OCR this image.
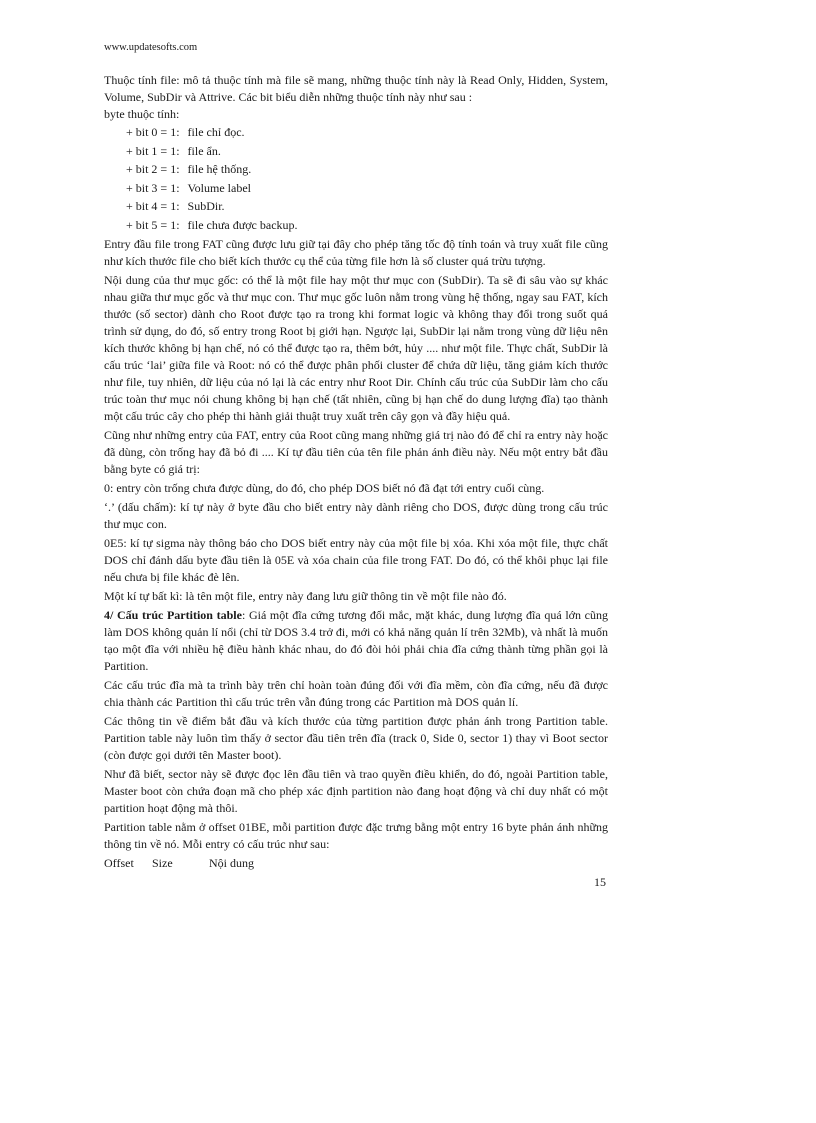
www.updatesofts.com

Thuộc tính file: mô tả thuộc tính mà file sẽ mang, những thuộc tính này là Read Only, Hidden, System, Volume, SubDir và Attrive. Các bit biểu diễn những thuộc tính này như sau :

byte thuộc tính:

+ bit 0 = 1: file chỉ đọc.
+ bit 1 = 1: file ẩn.
+ bit 2 = 1: file hệ thống.
+ bit 3 = 1: Volume label
+ bit 4 = 1: SubDir.
+ bit 5 = 1: file chưa được backup.

Entry đầu file trong FAT cũng được lưu giữ tại đây cho phép tăng tốc độ tính toán và truy xuất file cũng như kích thước file cho biết kích thước cụ thể của từng file hơn là số cluster quá trừu tượng.

Nội dung của thư mục gốc: có thể là một file hay một thư mục con (SubDir). Ta sẽ đi sâu vào sự khác nhau giữa thư mục gốc và thư mục con. Thư mục gốc luôn nằm trong vùng hệ thống, ngay sau FAT, kích thước (số sector) dành cho Root được tạo ra trong khi format logic và không thay đổi trong suốt quá trình sử dụng, do đó, số entry trong Root bị giới hạn. Ngược lại, SubDir lại nằm trong vùng dữ liệu nên kích thước không bị hạn chế, nó có thể được tạo ra, thêm bớt, hủy .... như một file. Thực chất, SubDir là cấu trúc ‘lai’ giữa file và Root: nó có thể được phân phối cluster để chứa dữ liệu, tăng giảm kích thước như file, tuy nhiên, dữ liệu của nó lại là các entry như Root Dir. Chính cấu trúc của SubDir làm cho cấu trúc toàn thư mục nói chung không bị hạn chế (tất nhiên, cũng bị hạn chế do dung lượng đĩa) tạo thành một cấu trúc cây cho phép thi hành giải thuật truy xuất trên cây gọn và đầy hiệu quả.

Cũng như những entry của FAT, entry của Root cũng mang những giá trị nào đó để chỉ ra entry này hoặc đã dùng, còn trống hay đã bỏ đi .... Kí tự đầu tiên của tên file phản ánh điều này. Nếu một entry bắt đầu bằng byte có giá trị:

0: entry còn trống chưa được dùng, do đó, cho phép DOS biết nó đã đạt tới entry cuối cùng.

‘.’ (dấu chấm): kí tự này ở byte đầu cho biết entry này dành riêng cho DOS, được dùng trong cấu trúc thư mục con.

0E5: kí tự sigma này thông báo cho DOS biết entry này của một file bị xóa. Khi xóa một file, thực chất DOS chỉ đánh dấu byte đầu tiên là 05E và xóa chain của file trong FAT. Do đó, có thể khôi phục lại file nếu chưa bị file khác đè lên.

Một kí tự bất kì: là tên một file, entry này đang lưu giữ thông tin về một file nào đó.

4/ Cấu trúc Partition table: Giá một đĩa cứng tương đối mắc, mặt khác, dung lượng đĩa quá lớn cũng làm DOS không quản lí nổi (chỉ từ DOS 3.4 trở đi, mới có khả năng quản lí trên 32Mb), và nhất là muốn tạo một đĩa với nhiều hệ điều hành khác nhau, do đó đòi hỏi phải chia đĩa cứng thành từng phần gọi là Partition.

Các cấu trúc đĩa mà ta trình bày trên chỉ hoàn toàn đúng đối với đĩa mềm, còn đĩa cứng, nếu đã được chia thành các Partition thì cấu trúc trên vẫn đúng trong các Partition mà DOS quản lí.

Các thông tin về điểm bắt đầu và kích thước của từng partition được phản ánh trong Partition table. Partition table này luôn tìm thấy ở sector đầu tiên trên đĩa (track 0, Side 0, sector 1) thay vì Boot sector (còn được gọi dưới tên Master boot).

Như đã biết, sector này sẽ được đọc lên đầu tiên và trao quyền điều khiển, do đó, ngoài Partition table, Master boot còn chứa đoạn mã cho phép xác định partition nào đang hoạt động và chỉ duy nhất có một partition hoạt động mà thôi.

Partition table nằm ở offset 01BE, mỗi partition được đặc trưng bằng một entry 16 byte phản ánh những thông tin về nó. Mỗi entry có cấu trúc như sau:

Offset Size	Nội dung
15
